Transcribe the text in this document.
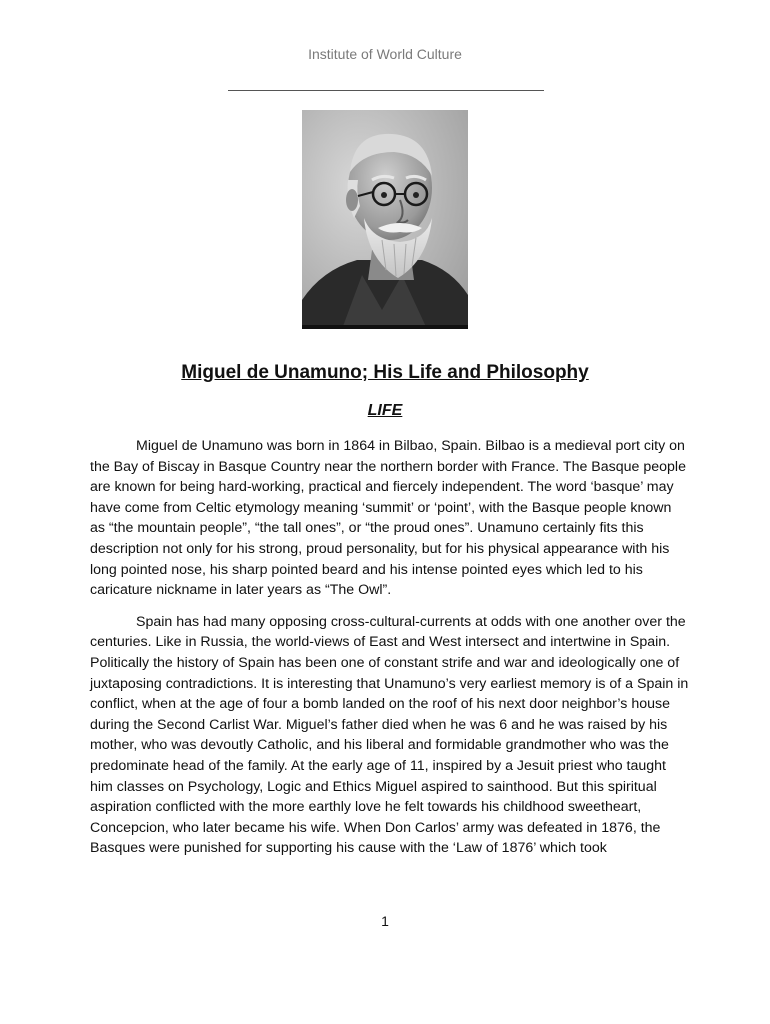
Institute of World Culture
Miguel de Unamuno; His Life and Philosophy
LIFE

Miguel de Unamuno was born in 1864 in Bilbao, Spain. Bilbao is a medieval port city on the Bay of Biscay in Basque Country near the northern border with France. The Basque people are known for being hard-working, practical and fiercely independent. The word ‘basque’ may have come from Celtic etymology meaning ‘summit’ or ‘point’, with the Basque people known as “the mountain people”, “the tall ones”, or “the proud ones”. Unamuno certainly fits this description not only for his strong, proud personality, but for his physical appearance with his long pointed nose, his sharp pointed beard and his intense pointed eyes which led to his caricature nickname in later years as “The Owl”.

Spain has had many opposing cross-cultural-currents at odds with one another over the centuries. Like in Russia, the world-views of East and West intersect and intertwine in Spain. Politically the history of Spain has been one of constant strife and war and ideologically one of juxtaposing contradictions. It is interesting that Unamuno’s very earliest memory is of a Spain in conflict, when at the age of four a bomb landed on the roof of his next door neighbor’s house during the Second Carlist War. Miguel’s father died when he was 6 and he was raised by his mother, who was devoutly Catholic, and his liberal and formidable grandmother who was the predominate head of the family. At the early age of 11, inspired by a Jesuit priest who taught him classes on Psychology, Logic and Ethics Miguel aspired to sainthood. But this spiritual aspiration conflicted with the more earthly love he felt towards his childhood sweetheart, Concepcion, who later became his wife. When Don Carlos’ army was defeated in 1876, the Basques were punished for supporting his cause with the ‘Law of 1876’ which took

1
